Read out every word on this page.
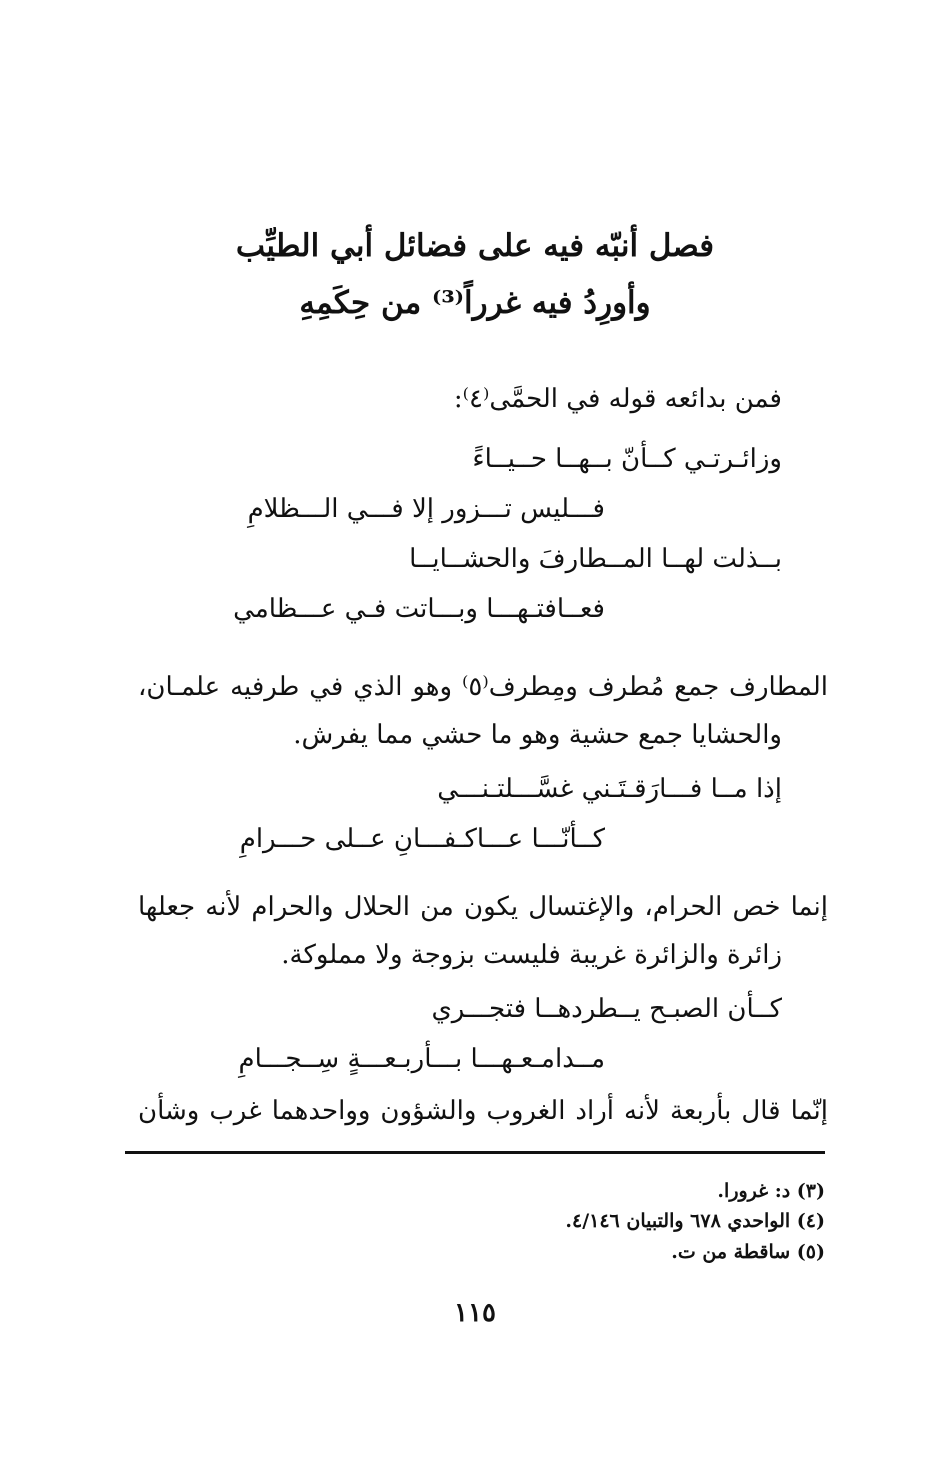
فصل أنبّه فيه على فضائل أبي الطيِّب
وأورِدُ فيه غرراً⁽³⁾ من حِكَمِهِ
فمن بدائعه قوله في الحمَّى⁽٤⁾:
وزائـرتـي كــأنّ بــهــا حــيــاءً
فـــليس تـــزور إلا فـــي الـــظلامِ
بــذلت لهــا المــطارفَ والحشــايــا
فعــافتـهـــا وبـــاتت فـي عـــظامي
المطارف جمع مُطرف ومِطرف⁽٥⁾ وهو الذي في طرفيه علمـان،
والحشايا جمع حشية وهو ما حشي مما يفرش.
إذا مــا فـــارَقـتَـني غسَّـــلتـنـــي
كــأنّـــا عـــاكـفـــانِ عــلى حـــرامِ
إنما خص الحرام، والإغتسال يكون من الحلال والحرام لأنه جعلها
زائرة والزائرة غريبة فليست بزوجة ولا مملوكة.
كــأن الصبـح يــطردهــا فتجـــري
مــدامـعـهـــا بـــأربـعـــةٍ سِــجـــامِ
إنّما قال بأربعة لأنه أراد الغروب والشؤون وواحدهما غرب وشأن
(٣) د: غرورا.
(٤) الواحدي ٦٧٨ والتبيان ٤/١٤٦.
(٥) ساقطة من ت.
١١٥
